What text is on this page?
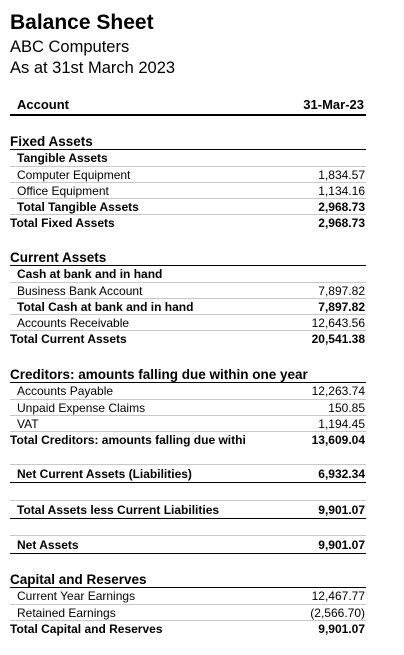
Balance Sheet
ABC Computers
As at 31st March 2023
Account	31-Mar-23
Fixed Assets
Tangible Assets
Computer Equipment	1,834.57
Office Equipment	1,134.16
Total Tangible Assets	2,968.73
Total Fixed Assets	2,968.73
Current Assets
Cash at bank and in hand
Business Bank Account	7,897.82
Total Cash at bank and in hand	7,897.82
Accounts Receivable	12,643.56
Total Current Assets	20,541.38
Creditors: amounts falling due within one year
Accounts Payable	12,263.74
Unpaid Expense Claims	150.85
VAT	1,194.45
Total Creditors: amounts falling due withi	13,609.04
Net Current Assets (Liabilities)	6,932.34
Total Assets less Current Liabilities	9,901.07
Net Assets	9,901.07
Capital and Reserves
Current Year Earnings	12,467.77
Retained Earnings	(2,566.70)
Total Capital and Reserves	9,901.07
